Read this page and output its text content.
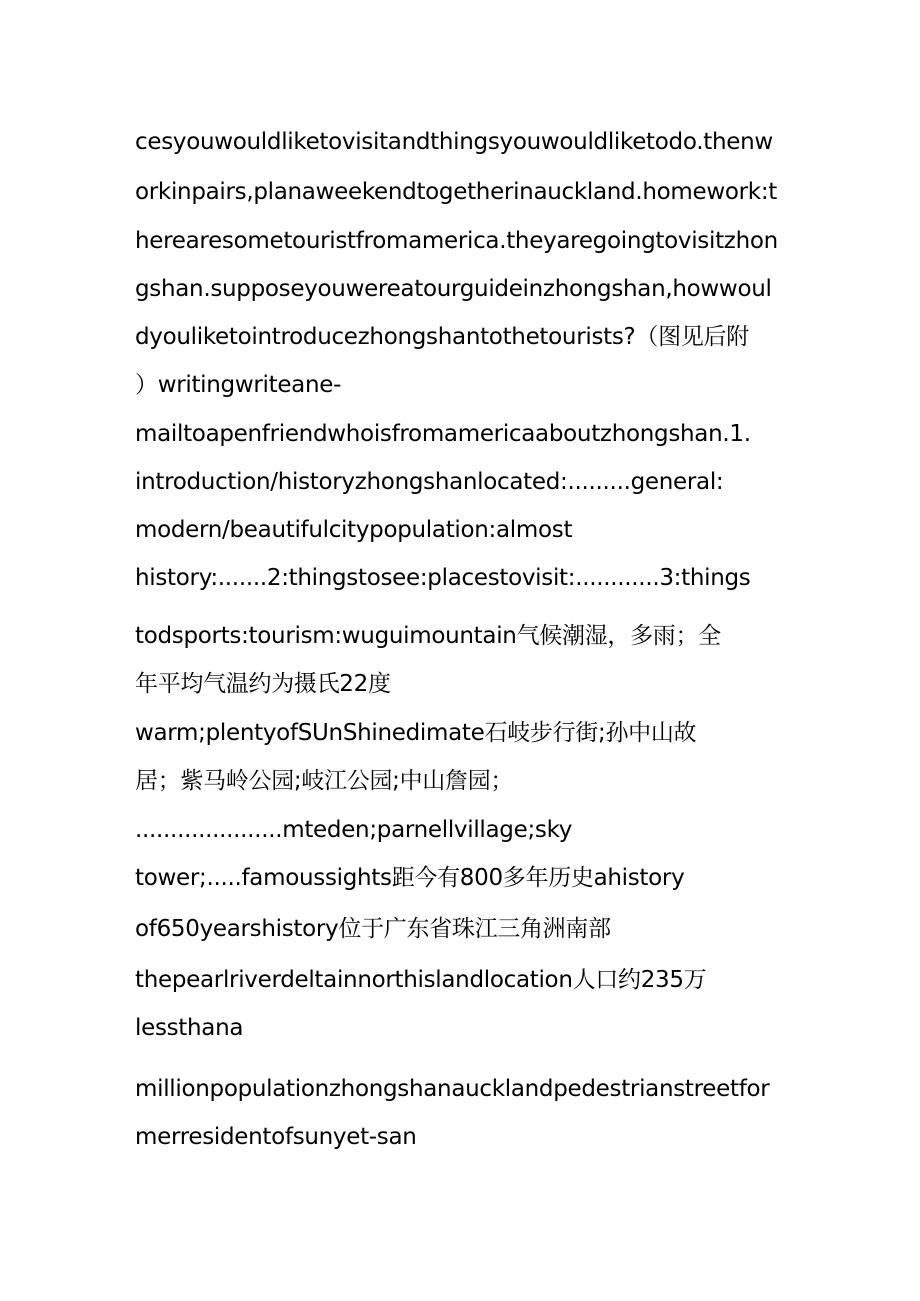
cesyouwouldliketovisitandthingsyouwouldliketodo.thenw

orkinpairs,planaweekendtogetherinauckland.homework:t

herearesometouristfromamerica.theyaregoingtovisitzhon

gshan.supposeyouwereatourguideinzhongshan,howwoul

dyouliketointroducezhongshantothetourists?（图见后附

）writingwriteane-

mailtoapenfriendwhoisfromamericaaboutzhongshan.1.

introduction/historyzhongshanlocated:.........general:

modern/beautifulcitypopulation:almost

history:.......2:thingstosee:placestovisit:............3:things

todsports:tourism:wuguimountain气候潮湿，多雨；全

年平均气温约为摄氏22度

warm;plentyofSUnShinedimate石岐步行街;孙中山故

居；紫马岭公园;岐江公园;中山詹园；

.....................mteden;parnellvillage;sky

tower;.....famoussights距今有800多年历史ahistory

of650yearshistory位于广东省珠江三角洲南部

thepearlriverdeltainnorthislandlocation人口约235万

lessthana

millionpopulationzhongshanaucklandpedestrianstreetfor

merresidentofsunyet-san
